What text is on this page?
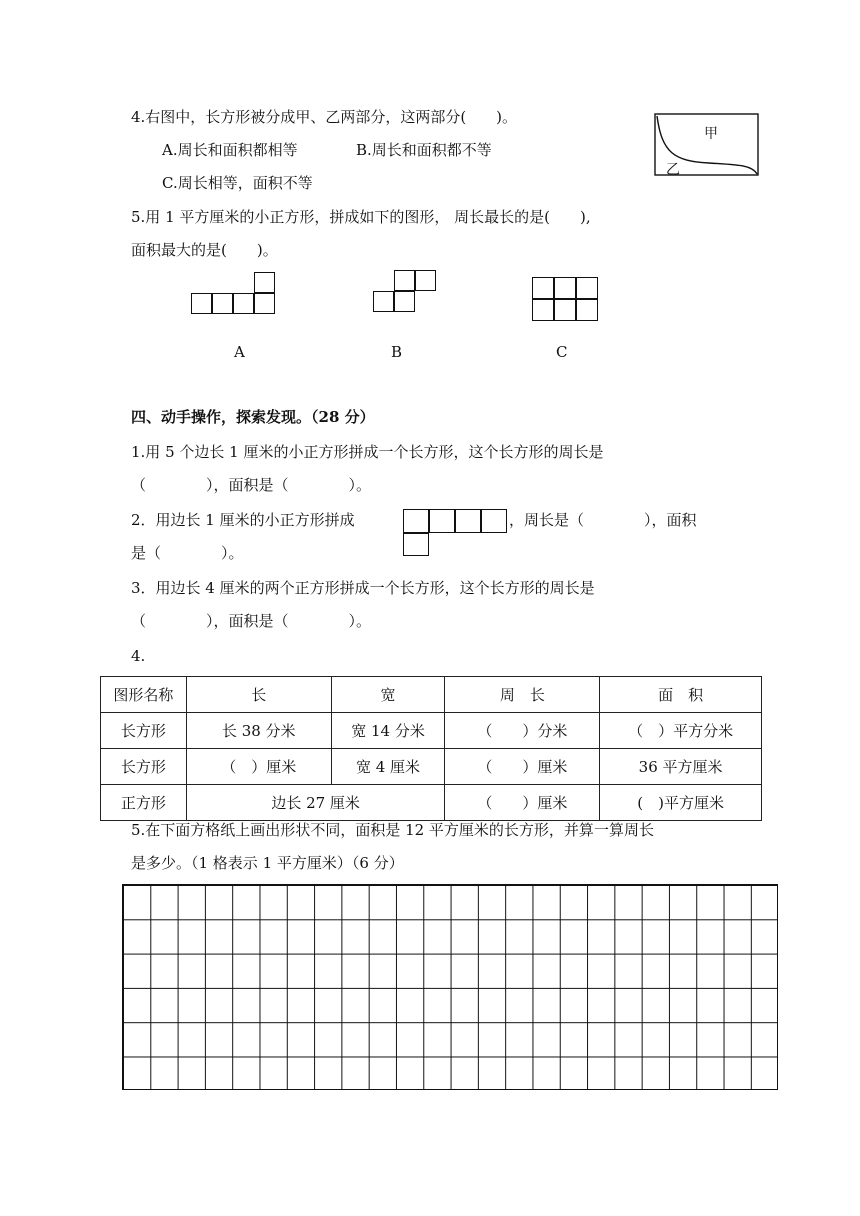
4.右图中，长方形被分成甲、乙两部分，这两部分(　　)。
A.周长和面积都相等	B.周长和面积都不等
C.周长相等，面积不等
甲
乙
5.用 1 平方厘米的小正方形，拼成如下的图形， 周长最长的是(　　),
面积最大的是(　　)。
A	B	C
四、动手操作，探索发现。（28 分）
1.用 5 个边长 1 厘米的小正方形拼成一个长方形，这个长方形的周长是
（　　　　），面积是（　　　　）。
2．用边长 1 厘米的小正方形拼成	，周长是（　　　　），面积
是（　　　　）。
3．用边长 4 厘米的两个正方形拼成一个长方形，这个长方形的周长是
（　　　　），面积是（　　　　）。
4.
图形名称	长	宽	周　长	面　积
长方形	长 38 分米	宽 14 分米	（　　）分米	（　）平方分米
长方形	（　）厘米	宽 4 厘米	（　　）厘米	36 平方厘米
正方形	边长 27 厘米		（　　）厘米	(　)平方厘米
5.在下面方格纸上画出形状不同，面积是 12 平方厘米的长方形，并算一算周长
是多少。（1 格表示 1 平方厘米）（6 分）
